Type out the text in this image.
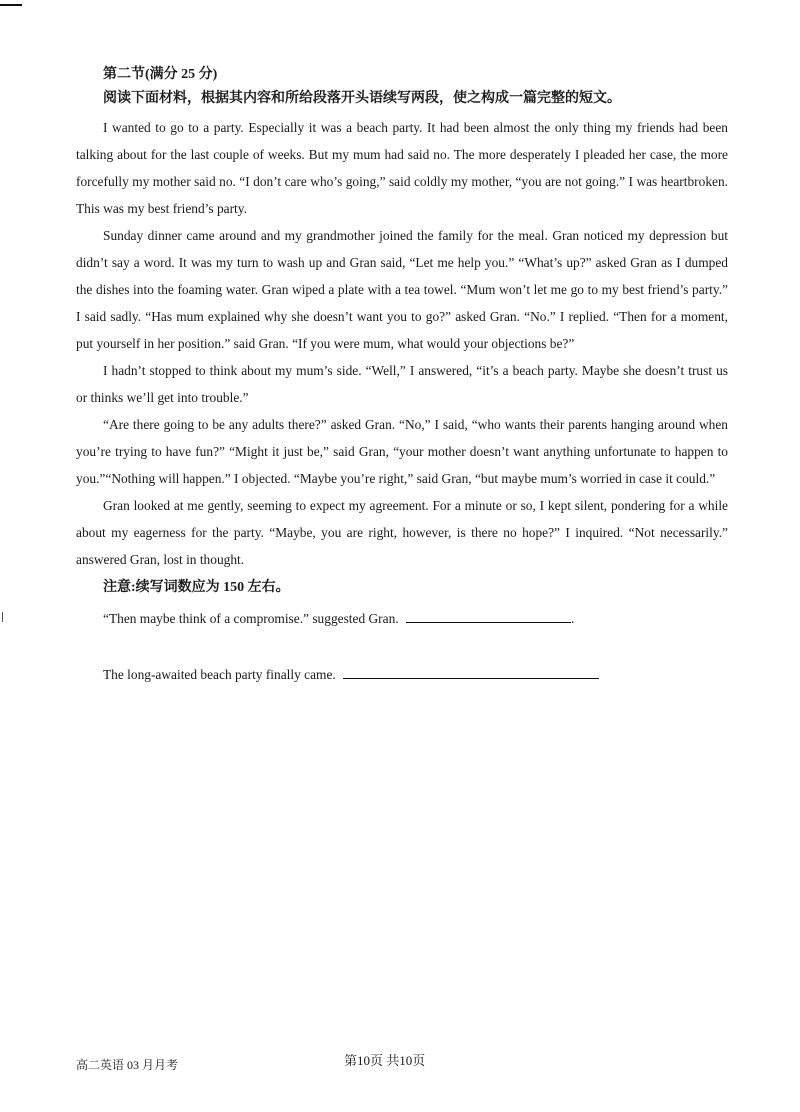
第二节(满分 25 分)
阅读下面材料，根据其内容和所给段落开头语续写两段，使之构成一篇完整的短文。

I wanted to go to a party. Especially it was a beach party. It had been almost the only thing my friends had been talking about for the last couple of weeks. But my mum had said no. The more desperately I pleaded her case, the more forcefully my mother said no. “I don’t care who’s going,” said coldly my mother, “you are not going.” I was heartbroken. This was my best friend’s party.

Sunday dinner came around and my grandmother joined the family for the meal. Gran noticed my depression but didn’t say a word. It was my turn to wash up and Gran said, “Let me help you.” “What’s up?” asked Gran as I dumped the dishes into the foaming water. Gran wiped a plate with a tea towel. “Mum won’t let me go to my best friend’s party.” I said sadly. “Has mum explained why she doesn’t want you to go?” asked Gran. “No.” I replied. “Then for a moment, put yourself in her position.” said Gran. “If you were mum, what would your objections be?”

I hadn’t stopped to think about my mum’s side. “Well,” I answered, “it’s a beach party. Maybe she doesn’t trust us or thinks we’ll get into trouble.”

“Are there going to be any adults there?” asked Gran. “No,” I said, “who wants their parents hanging around when you’re trying to have fun?” “Might it just be,” said Gran, “your mother doesn’t want anything unfortunate to happen to you.”“Nothing will happen.” I objected. “Maybe you’re right,” said Gran, “but maybe mum’s worried in case it could.”

Gran looked at me gently, seeming to expect my agreement. For a minute or so, I kept silent, pondering for a while about my eagerness for the party. “Maybe, you are right, however, is there no hope?” I inquired. “Not necessarily.” answered Gran, lost in thought.

注意:续写词数应为 150 左右。
“Then maybe think of a compromise.” suggested Gran.	.
The long-awaited beach party finally came.
高二英语 03 月月考	第10页 共10页
